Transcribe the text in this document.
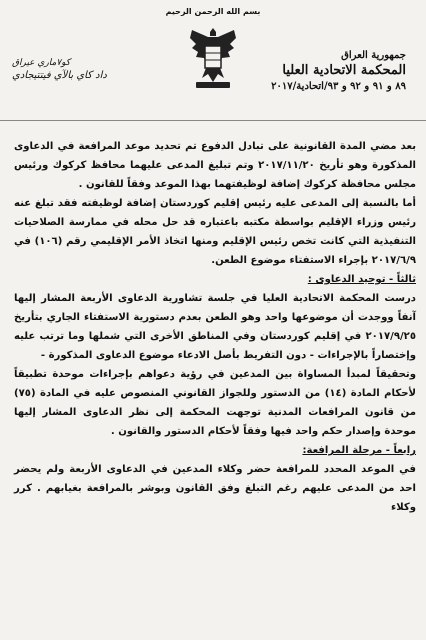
بسم الله الرحمن الرحيم
جمهورية العراق
المحكمة الاتحادية العليا
٨٩ و ٩١ و ٩٢ و ٩٣/اتحادية/٢٠١٧
كو٧ماري عيراق
داد كاي بالآي فيتتيجادي

بعد مضي المدة القانونية على تبادل الدفوع تم تحديد موعد المرافعة في الدعاوى المذكورة وهو تأريخ ٢٠١٧/١١/٢٠ وتم تبليغ المدعى عليهما محافظ كركوك ورئيس مجلس محافظة كركوك إضافة لوظيفتهما بهذا الموعد وفقاً للقانون .

أما بالنسبة إلى المدعى عليه رئيس إقليم كوردستان إضافة لوظيفته فقد تبلغ عنه رئيس وزراء الإقليم بواسطة مكتبه باعتباره قد حل محله في ممارسة الصلاحيات التنفيذية التي كانت تخص رئيس الإقليم ومنها اتخاذ الأمر الإقليمي رقم (١٠٦) في ٢٠١٧/٦/٩ بإجراء الاستفتاء موضوع الطعن.

ثالثاً - توحيد الدعاوى :

درست المحكمة الاتحادية العليا في جلسة تشاورية الدعاوى الأربعة المشار إليها آنفاً ووجدت أن موضوعها واحد وهو الطعن بعدم دستورية الاستفتاء الجاري بتأريخ ٢٠١٧/٩/٢٥ في إقليم كوردستان وفي المناطق الأخرى التي شملها وما ترتب عليه وإختصاراً بالإجراءات - دون التفريط بأصل الادعاء موضوع الدعاوى المذكورة -

وتحقيقاً لمبدأ المساواة بين المدعين في رؤية دعواهم بإجراءات موحدة تطبيقاً لأحكام المادة (١٤) من الدستور وللجواز القانوني المنصوص عليه في المادة (٧٥) من قانون المرافعات المدنية توجهت المحكمة إلى نظر الدعاوى المشار إليها موحدة وإصدار حكم واحد فيها وفقاً لأحكام الدستور والقانون .

رابعاً - مرحلة المرافعة:

في الموعد المحدد للمرافعة حضر وكلاء المدعين في الدعاوى الأربعة ولم يحضر احد من المدعى عليهم رغم التبلغ وفق القانون وبوشر بالمرافعة بغيابهم . كرر وكلاء
